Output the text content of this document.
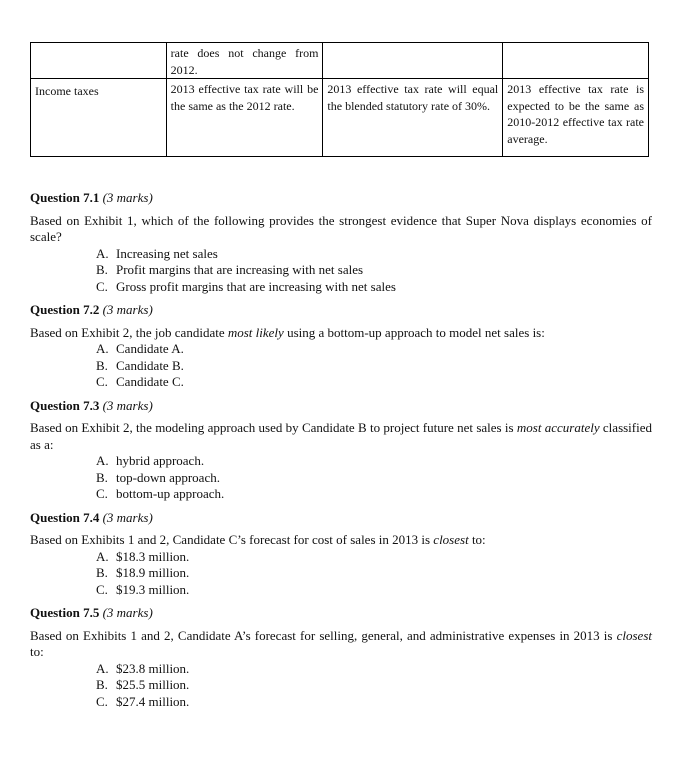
	rate does not change from 2012.		
Income taxes	2013 effective tax rate will be the same as the 2012 rate.	2013 effective tax rate will equal the blended statutory rate of 30%.	2013 effective tax rate is expected to be the same as 2010-2012 effective tax rate average.
Question 7.1 (3 marks)
Based on Exhibit 1, which of the following provides the strongest evidence that Super Nova displays economies of scale?
A. Increasing net sales
B. Profit margins that are increasing with net sales
C. Gross profit margins that are increasing with net sales
Question 7.2 (3 marks)
Based on Exhibit 2, the job candidate most likely using a bottom-up approach to model net sales is:
A. Candidate A.
B. Candidate B.
C. Candidate C.
Question 7.3 (3 marks)
Based on Exhibit 2, the modeling approach used by Candidate B to project future net sales is most accurately classified as a:
A. hybrid approach.
B. top-down approach.
C. bottom-up approach.
Question 7.4 (3 marks)
Based on Exhibits 1 and 2, Candidate C’s forecast for cost of sales in 2013 is closest to:
A. $18.3 million.
B. $18.9 million.
C. $19.3 million.
Question 7.5 (3 marks)
Based on Exhibits 1 and 2, Candidate A’s forecast for selling, general, and administrative expenses in 2013 is closest to:
A. $23.8 million.
B. $25.5 million.
C. $27.4 million.
